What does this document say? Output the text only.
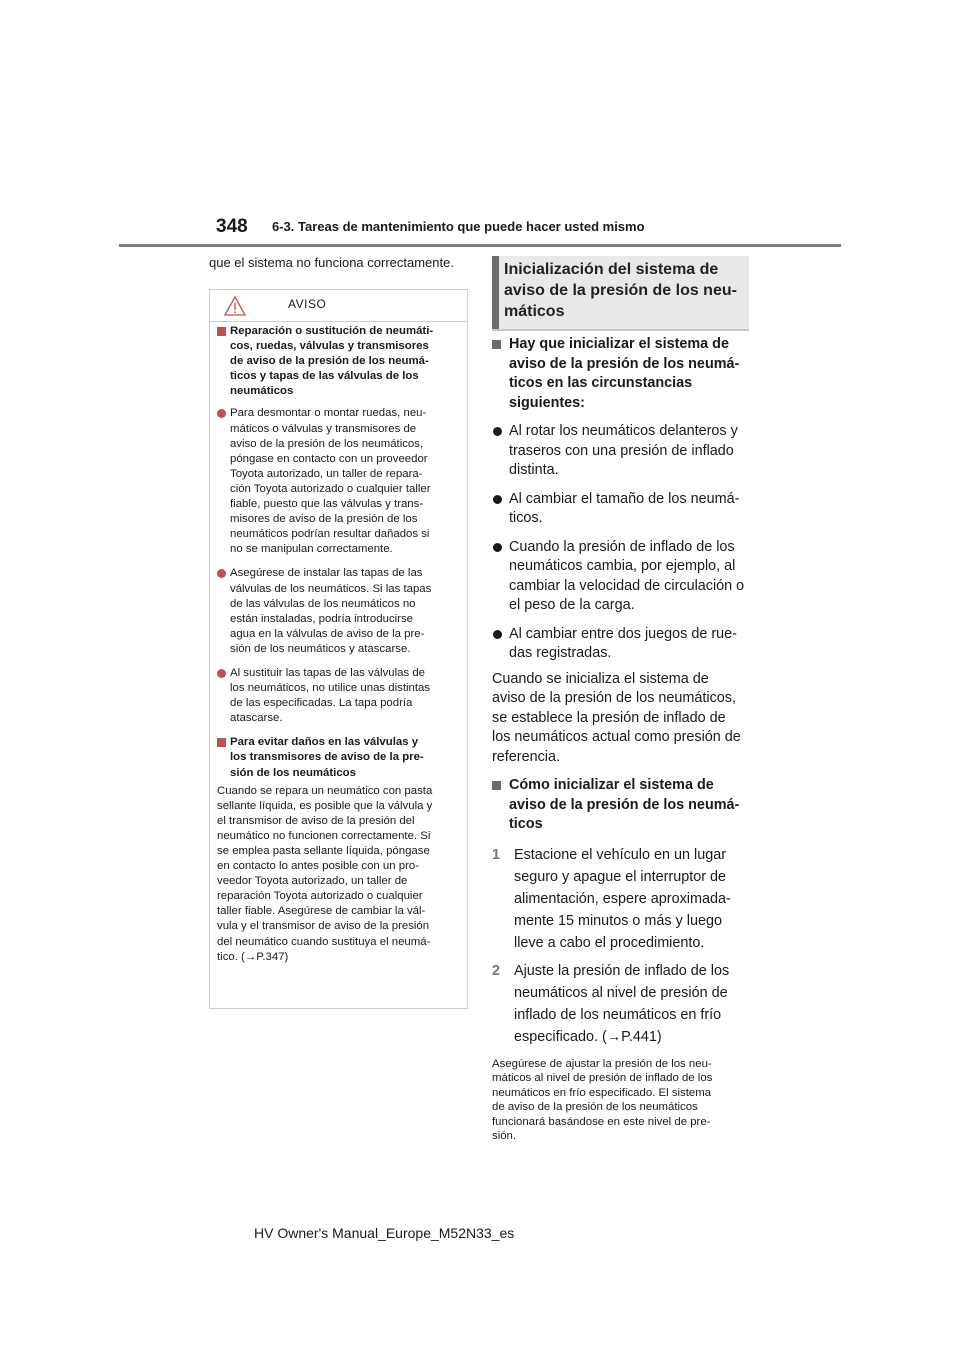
348 6-3. Tareas de mantenimiento que puede hacer usted mismo
que el sistema no funciona correctamente.
AVISO
Reparación o sustitución de neumáti-
cos, ruedas, válvulas y transmisores
de aviso de la presión de los neumá-
ticos y tapas de las válvulas de los
neumáticos
Para desmontar o montar ruedas, neu-
máticos o válvulas y transmisores de
aviso de la presión de los neumáticos,
póngase en contacto con un proveedor
Toyota autorizado, un taller de repara-
ción Toyota autorizado o cualquier taller
fiable, puesto que las válvulas y trans-
misores de aviso de la presión de los
neumáticos podrían resultar dañados si
no se manipulan correctamente.
Asegúrese de instalar las tapas de las
válvulas de los neumáticos. Si las tapas
de las válvulas de los neumáticos no
están instaladas, podría introducirse
agua en la válvulas de aviso de la pre-
sión de los neumáticos y atascarse.
Al sustituir las tapas de las válvulas de
los neumáticos, no utilice unas distintas
de las especificadas. La tapa podría
atascarse.
Para evitar daños en las válvulas y
los transmisores de aviso de la pre-
sión de los neumáticos

Cuando se repara un neumático con pasta
sellante líquida, es posible que la válvula y
el transmisor de aviso de la presión del
neumático no funcionen correctamente. Si
se emplea pasta sellante líquida, póngase
en contacto lo antes posible con un pro-
veedor Toyota autorizado, un taller de
reparación Toyota autorizado o cualquier
taller fiable. Asegúrese de cambiar la vál-
vula y el transmisor de aviso de la presión
del neumático cuando sustituya el neumá-
tico. (→P.347)

Inicialización del sistema de
aviso de la presión de los neu-
máticos
Hay que inicializar el sistema de
aviso de la presión de los neumá-
ticos en las circunstancias
siguientes:
Al rotar los neumáticos delanteros y
traseros con una presión de inflado
distinta.
Al cambiar el tamaño de los neumá-
ticos.
Cuando la presión de inflado de los
neumáticos cambia, por ejemplo, al
cambiar la velocidad de circulación o
el peso de la carga.
Al cambiar entre dos juegos de rue-
das registradas.
Cuando se inicializa el sistema de
aviso de la presión de los neumáticos,
se establece la presión de inflado de
los neumáticos actual como presión de
referencia.
Cómo inicializar el sistema de
aviso de la presión de los neumá-
ticos
1 Estacione el vehículo en un lugar
seguro y apague el interruptor de
alimentación, espere aproximada-
mente 15 minutos o más y luego
lleve a cabo el procedimiento.
2 Ajuste la presión de inflado de los
neumáticos al nivel de presión de
inflado de los neumáticos en frío
especificado. (→P.441)
Asegúrese de ajustar la presión de los neu-
máticos al nivel de presión de inflado de los
neumáticos en frío especificado. El sistema
de aviso de la presión de los neumáticos
funcionará basándose en este nivel de pre-
sión.
HV Owner's Manual_Europe_M52N33_es
